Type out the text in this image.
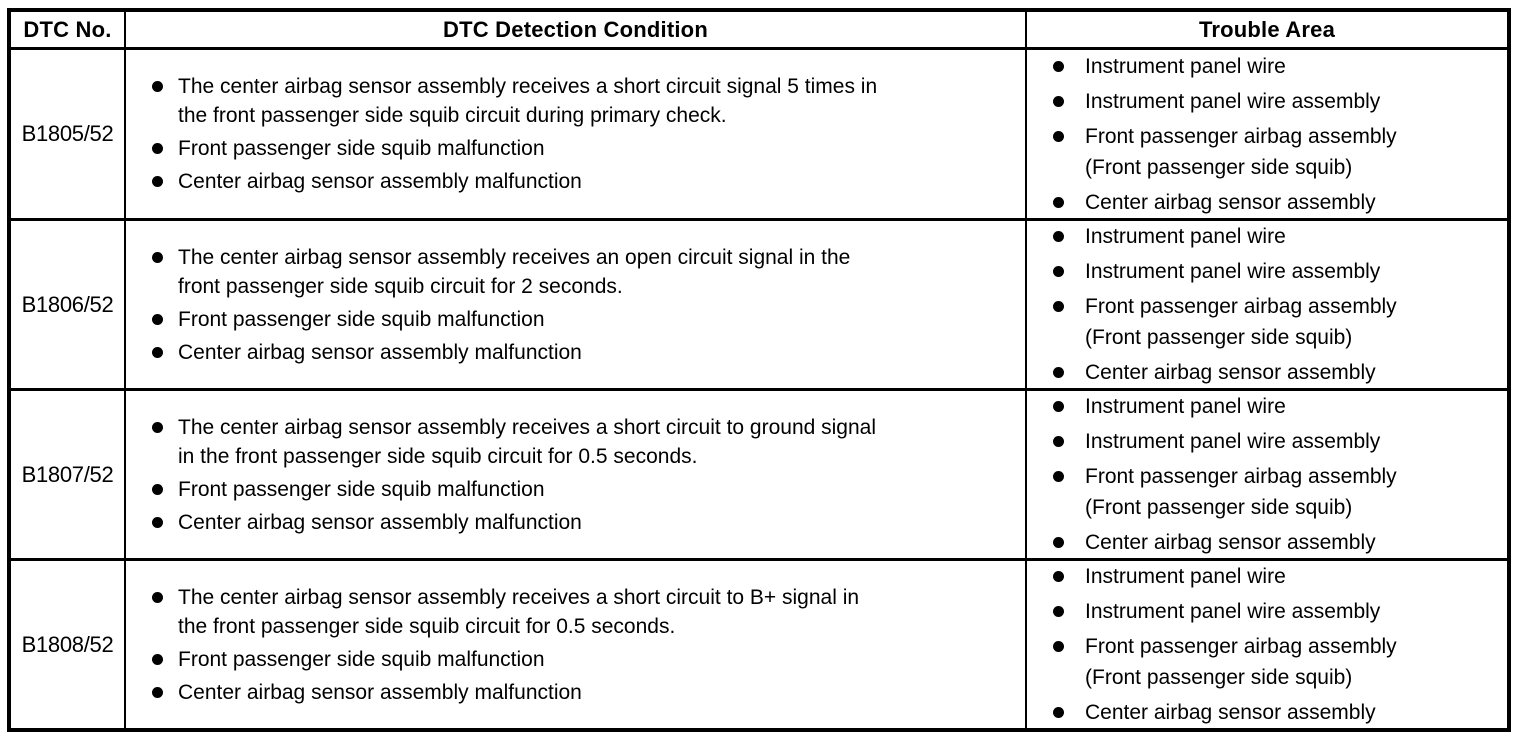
DTC No.	DTC Detection Condition	Trouble Area
B1805/52
The center airbag sensor assembly receives a short circuit signal 5 times in
the front passenger side squib circuit during primary check.
Front passenger side squib malfunction
Center airbag sensor assembly malfunction
Instrument panel wire
Instrument panel wire assembly
Front passenger airbag assembly
(Front passenger side squib)
Center airbag sensor assembly
B1806/52
The center airbag sensor assembly receives an open circuit signal in the
front passenger side squib circuit for 2 seconds.
Front passenger side squib malfunction
Center airbag sensor assembly malfunction
Instrument panel wire
Instrument panel wire assembly
Front passenger airbag assembly
(Front passenger side squib)
Center airbag sensor assembly
B1807/52
The center airbag sensor assembly receives a short circuit to ground signal
in the front passenger side squib circuit for 0.5 seconds.
Front passenger side squib malfunction
Center airbag sensor assembly malfunction
Instrument panel wire
Instrument panel wire assembly
Front passenger airbag assembly
(Front passenger side squib)
Center airbag sensor assembly
B1808/52
The center airbag sensor assembly receives a short circuit to B+ signal in
the front passenger side squib circuit for 0.5 seconds.
Front passenger side squib malfunction
Center airbag sensor assembly malfunction
Instrument panel wire
Instrument panel wire assembly
Front passenger airbag assembly
(Front passenger side squib)
Center airbag sensor assembly
